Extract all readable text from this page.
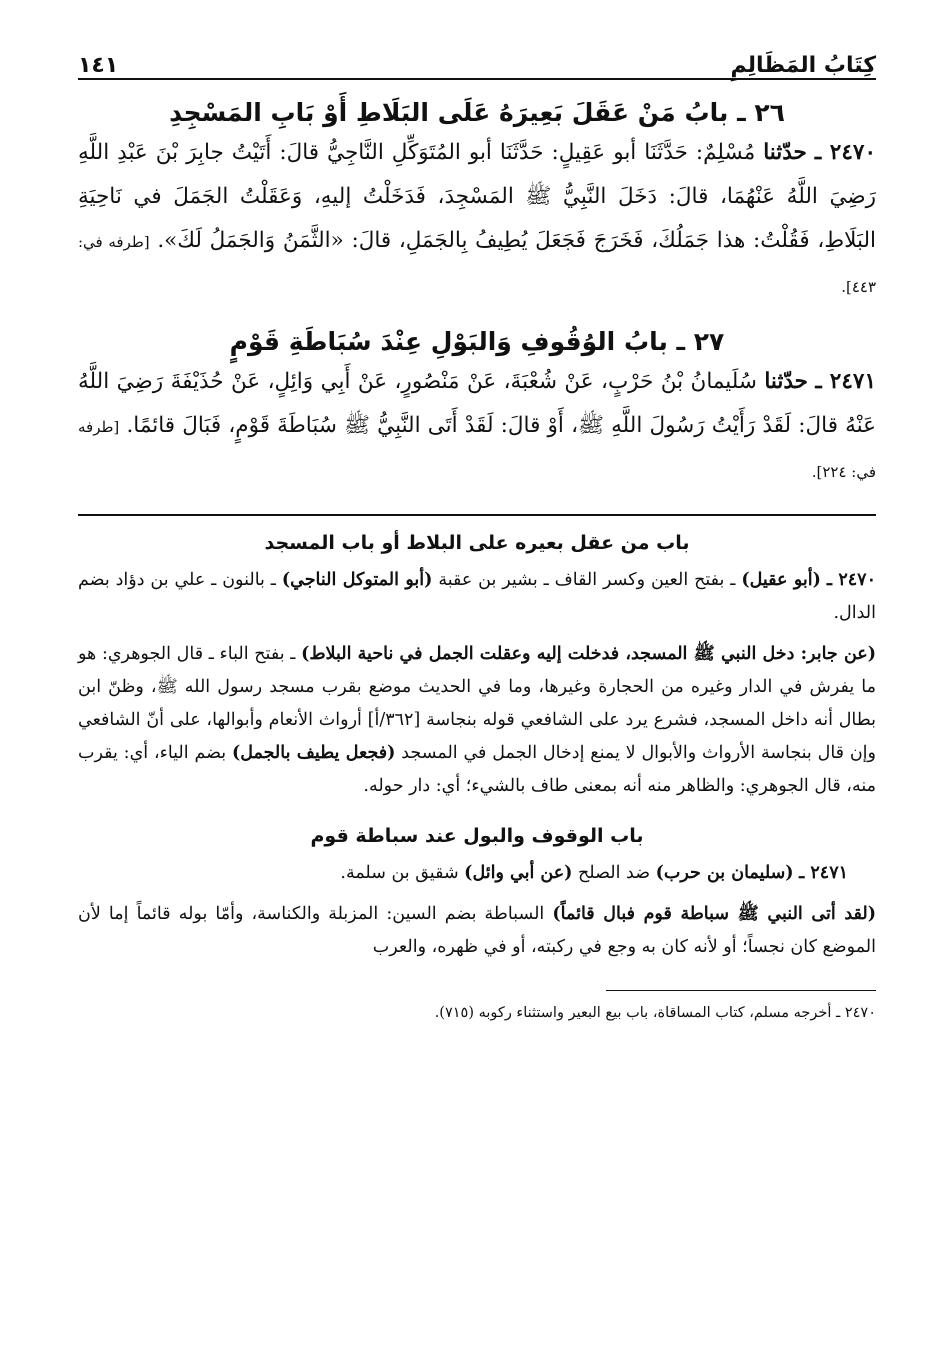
كِتَابُ المَظَالِمِ
١٤١
٢٦ ـ بابُ مَنْ عَقَلَ بَعِيرَهُ عَلَى البَلَاطِ أَوْ بَابِ المَسْجِدِ

٢٤٧٠ ـ حدّثنا مُسْلِمٌ: حَدَّثَنَا أبو عَقِيلٍ: حَدَّثَنَا أبو المُتَوَكِّلِ النَّاجِيُّ قالَ: أَتَيْتُ جابِرَ بْنَ عَبْدِ اللَّهِ رَضِيَ اللَّهُ عَنْهُمَا، قالَ: دَخَلَ النَّبِيُّ ﷺ المَسْجِدَ، فَدَخَلْتُ إليهِ، وَعَقَلْتُ الجَمَلَ في نَاحِيَةِ البَلَاطِ، فَقُلْتُ: هذا جَمَلُكَ، فَخَرَجَ فَجَعَلَ يُطِيفُ بِالجَمَلِ، قالَ: «الثَّمَنُ وَالجَمَلُ لَكَ». [طرفه في: ٤٤٣].

٢٧ ـ بابُ الوُقُوفِ وَالبَوْلِ عِنْدَ سُبَاطَةِ قَوْمٍ

٢٤٧١ ـ حدّثنا سُلَيمانُ بْنُ حَرْبٍ، عَنْ شُعْبَةَ، عَنْ مَنْصُورٍ، عَنْ أَبِي وَائِلٍ، عَنْ حُذَيْفَةَ رَضِيَ اللَّهُ عَنْهُ قالَ: لَقَدْ رَأَيْتُ رَسُولَ اللَّهِ ﷺ، أَوْ قالَ: لَقَدْ أَتَى النَّبِيُّ ﷺ سُبَاطَةَ قَوْمٍ، فَبَالَ قائمًا. [طرفه في: ٢٢٤].

باب من عقل بعيره على البلاط أو باب المسجد

٢٤٧٠ ـ (أبو عقيل) ـ بفتح العين وكسر القاف ـ بشير بن عقبة (أبو المتوكل الناجي) ـ بالنون ـ علي بن دؤاد بضم الدال.

(عن جابر: دخل النبي ﷺ المسجد، فدخلت إليه وعقلت الجمل في ناحية البلاط) ـ بفتح الباء ـ قال الجوهري: هو ما يفرش في الدار وغيره من الحجارة وغيرها، وما في الحديث موضع بقرب مسجد رسول الله ﷺ، وظنّ ابن بطال أنه داخل المسجد، فشرع يرد على الشافعي قوله بنجاسة [٣٦٢/أ] أرواث الأنعام وأبوالها، على أنّ الشافعي وإن قال بنجاسة الأرواث والأبوال لا يمنع إدخال الجمل في المسجد (فجعل يطيف بالجمل) بضم الياء، أي: يقرب منه، قال الجوهري: والظاهر منه أنه بمعنى طاف بالشيء؛ أي: دار حوله.

باب الوقوف والبول عند سباطة قوم

٢٤٧١ ـ (سليمان بن حرب) ضد الصلح (عن أبي وائل) شقيق بن سلمة.

(لقد أتى النبي ﷺ سباطة قوم فبال قائماً) السباطة بضم السين: المزبلة والكناسة، وأمّا بوله قائماً إما لأن الموضع كان نجساً؛ أو لأنه كان به وجع في ركبته، أو في ظهره، والعرب

٢٤٧٠ ـ أخرجه مسلم، كتاب المساقاة، باب بيع البعير واستثناء ركوبه (٧١٥).
